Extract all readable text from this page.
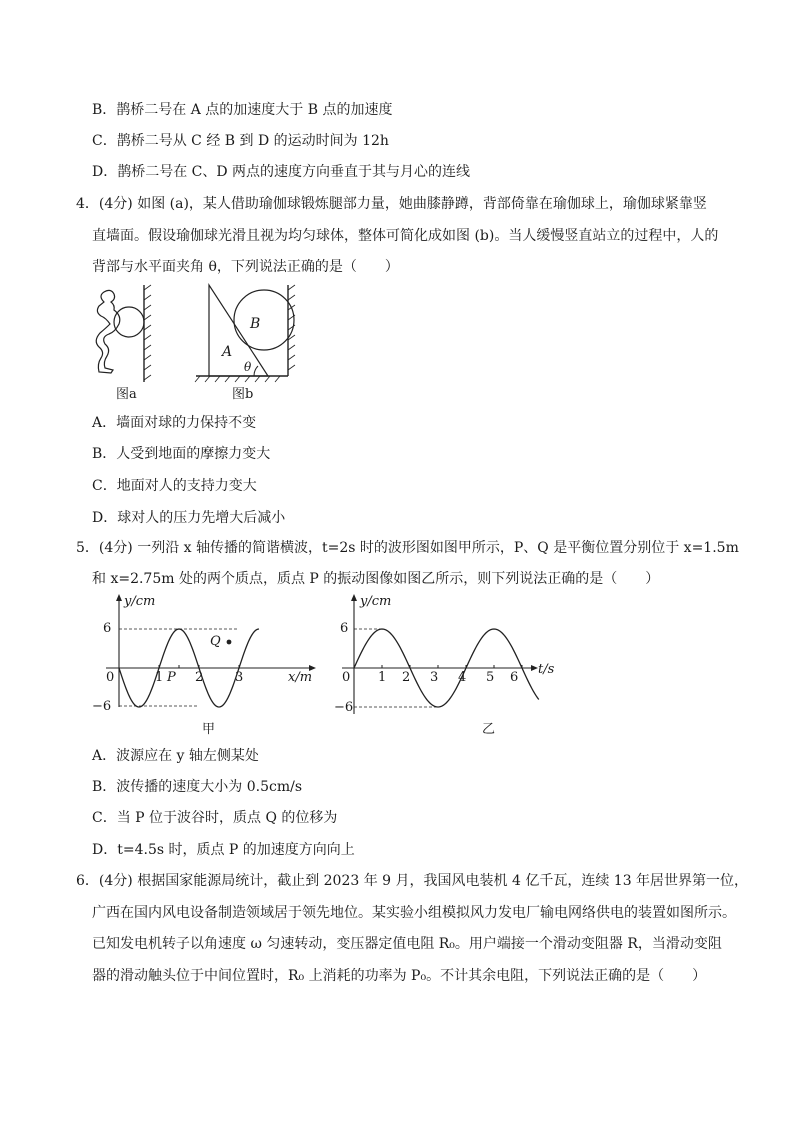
B．鹊桥二号在 A 点的加速度大于 B 点的加速度
C．鹊桥二号从 C 经 B 到 D 的运动时间为 12h
D．鹊桥二号在 C、D 两点的速度方向垂直于其与月心的连线
4．(4分) 如图 (a)，某人借助瑜伽球锻炼腿部力量，她曲膝静蹲，背部倚靠在瑜伽球上，瑜伽球紧靠竖
直墙面。假设瑜伽球光滑且视为均匀球体，整体可简化成如图 (b)。当人缓慢竖直站立的过程中，人的
背部与水平面夹角 θ，下列说法正确的是（　　）
图a
B
A
θ
图b
A．墙面对球的力保持不变
B．人受到地面的摩擦力变大
C．地面对人的支持力变大
D．球对人的压力先增大后减小
5．(4分) 一列沿 x 轴传播的简谐横波，t=2s 时的波形图如图甲所示，P、Q 是平衡位置分别位于 x=1.5m
和 x=2.75m 处的两个质点，质点 P 的振动图像如图乙所示，则下列说法正确的是（　　）
y/cm
6
−6
0	1 P 2 3
Q
x/m
甲
y/cm
6
−6
0 1 2 3 4 5 6
t/s
乙
A．波源应在 y 轴左侧某处
B．波传播的速度大小为 0.5cm/s
C．当 P 位于波谷时，质点 Q 的位移为
D．t=4.5s 时，质点 P 的加速度方向向上
6．(4分) 根据国家能源局统计，截止到 2023 年 9 月，我国风电装机 4 亿千瓦，连续 13 年居世界第一位，
广西在国内风电设备制造领域居于领先地位。某实验小组模拟风力发电厂输电网络供电的装置如图所示。
已知发电机转子以角速度 ω 匀速转动，变压器定值电阻 R₀。用户端接一个滑动变阻器 R，当滑动变阻
器的滑动触头位于中间位置时，R₀ 上消耗的功率为 P₀。不计其余电阻，下列说法正确的是（　　）
